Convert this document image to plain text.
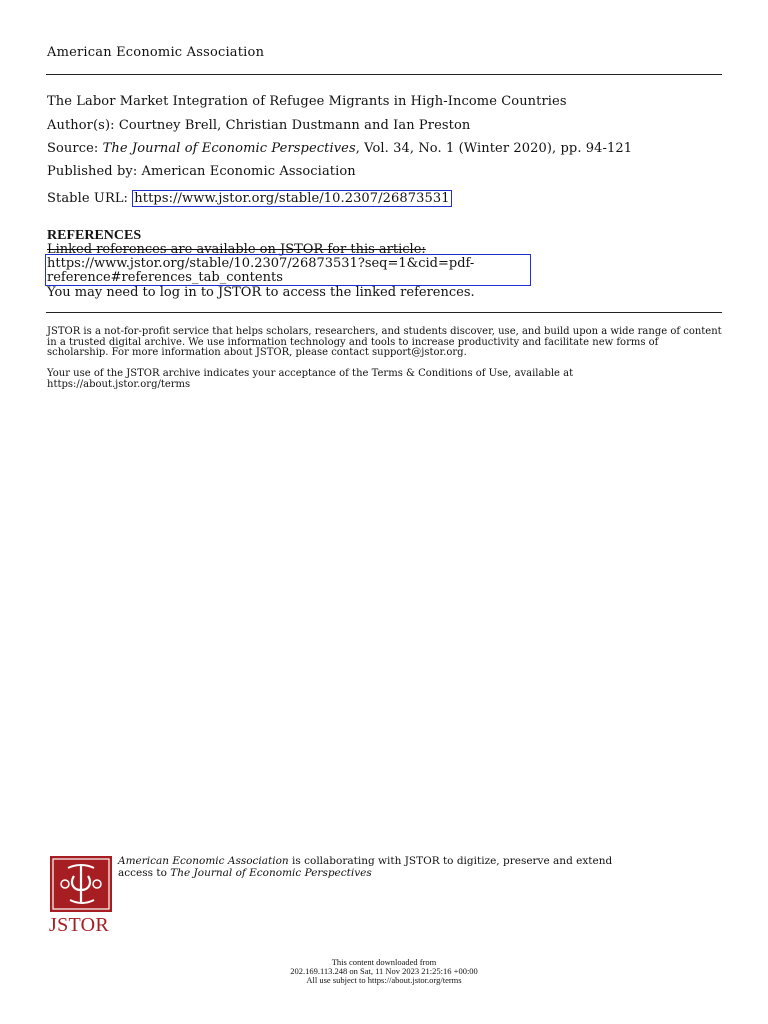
American Economic Association
The Labor Market Integration of Refugee Migrants in High-Income Countries
Author(s): Courtney Brell, Christian Dustmann and Ian Preston
Source: The Journal of Economic Perspectives, Vol. 34, No. 1 (Winter 2020), pp. 94-121
Published by: American Economic Association
Stable URL: https://www.jstor.org/stable/10.2307/26873531
REFERENCES
Linked references are available on JSTOR for this article:
https://www.jstor.org/stable/10.2307/26873531?seq=1&cid=pdf-
reference#references_tab_contents
You may need to log in to JSTOR to access the linked references.
JSTOR is a not-for-profit service that helps scholars, researchers, and students discover, use, and build upon a wide range of content in a trusted digital archive. We use information technology and tools to increase productivity and facilitate new forms of scholarship. For more information about JSTOR, please contact support@jstor.org.
Your use of the JSTOR archive indicates your acceptance of the Terms & Conditions of Use, available at
https://about.jstor.org/terms
JSTOR
American Economic Association is collaborating with JSTOR to digitize, preserve and extend
access to The Journal of Economic Perspectives
This content downloaded from
202.169.113.248 on Sat, 11 Nov 2023 21:25:16 +00:00
All use subject to https://about.jstor.org/terms
